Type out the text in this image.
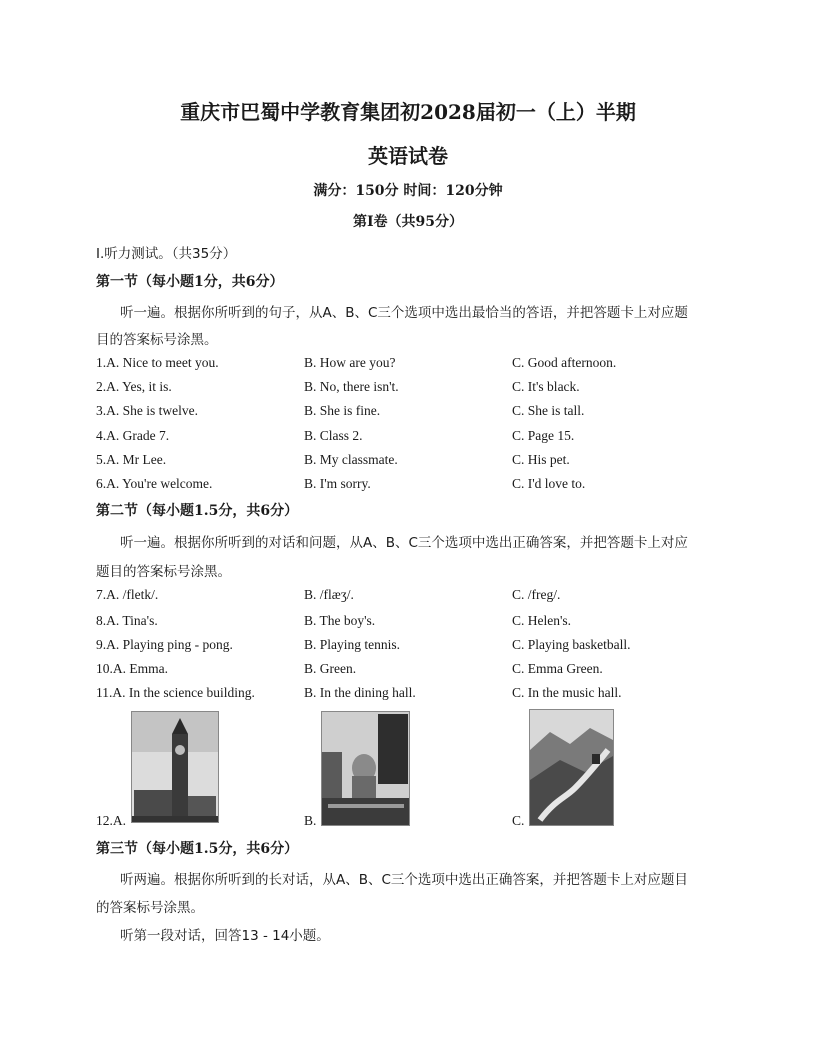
重庆市巴蜀中学教育集团初2028届初一（上）半期
英语试卷
满分：150分 时间：120分钟
第I卷（共95分）
I.听力测试。（共35分）
第一节（每小题1分，共6分）
听一遍。根据你所听到的句子，从A、B、C三个选项中选出最恰当的答语，并把答题卡上对应题
目的答案标号涂黑。
1.A. Nice to meet you.	B. How are you?	C. Good afternoon.
2.A. Yes, it is.	B. No, there isn't.	C. It's black.
3.A. She is twelve.	B. She is fine.	C. She is tall.
4.A. Grade 7.	B. Class 2.	C. Page 15.
5.A. Mr Lee.	B. My classmate.	C. His pet.
6.A. You're welcome.	B. I'm sorry.	C. I'd love to.
第二节（每小题1.5分，共6分）
听一遍。根据你所听到的对话和问题，从A、B、C三个选项中选出正确答案，并把答题卡上对应
题目的答案标号涂黑。
7.A. /fletk/.	B. /flæʒ/.	C. /freg/.
8.A. Tina's.	B. The boy's.	C. Helen's.
9.A. Playing ping - pong.	B. Playing tennis.	C. Playing basketball.
10.A. Emma.	B. Green.	C. Emma Green.
11.A. In the science building.	B. In the dining hall.	C. In the music hall.
12.A.	B.	C.
第三节（每小题1.5分，共6分）
听两遍。根据你所听到的长对话，从A、B、C三个选项中选出正确答案，并把答题卡上对应题目
的答案标号涂黑。
听第一段对话，回答13 - 14小题。
